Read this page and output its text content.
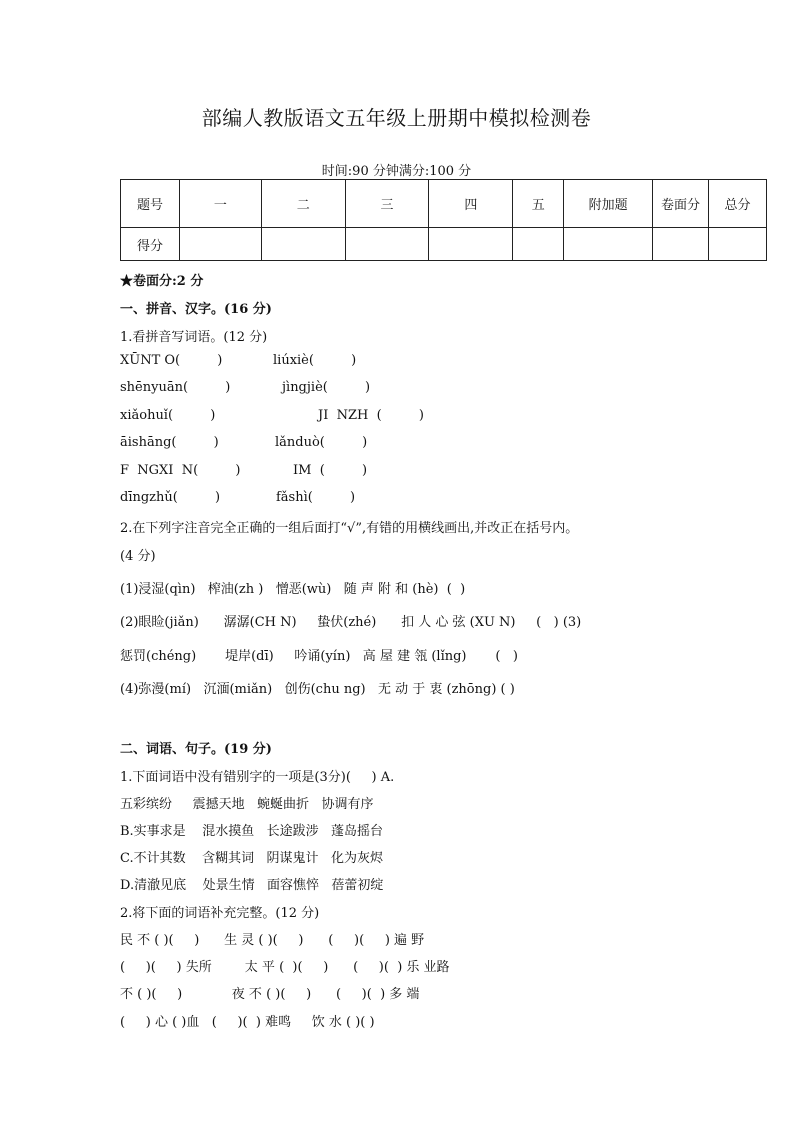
部编人教版语文五年级上册期中模拟检测卷
时间:90 分钟满分:100 分
题号	一	二	三	四	五	附加题	卷面分	总分
得分								
★卷面分:2 分
一、拼音、汉字。(16 分)
1.看拼音写词语。(12 分)
XŪNT O(         )	liúxiè(         )
shēnyuān(         )	jìngjiè(         )
xiǎohuǐ(         )	JI  NZH  (         )
āishāng(         )	lǎnduò(         )
F  NGXI  N(         )	IM  (         )
dīngzhǔ(         )	fǎshì(         )
2.在下列字注音完全正确的一组后面打“√”,有错的用横线画出,并改正在括号内。
(4 分)
(1)浸湿(qìn)   榨油(zh )   憎恶(wù)   随 声 附 和 (hè)  (  )
(2)眼睑(jiǎn)      潺潺(CH N)     蛰伏(zhé)      扣 人 心 弦 (XU N)     (   ) (3)
惩罚(chéng)       堤岸(dī)     吟诵(yín)   高 屋 建 瓴 (lǐng)       (   )
(4)弥漫(mí)   沉湎(miǎn)   创伤(chu ng)   无 动 于 衷 (zhōng) ( )
二、词语、句子。(19 分)
1.下面词语中没有错别字的一项是(3分)(     ) A.
五彩缤纷     震撼天地   蜿蜒曲折   协调有序
B.实事求是    混水摸鱼   长途跋涉   蓬岛摇台
C.不计其数    含糊其词   阴谋鬼计   化为灰烬
D.清澈见底    处景生情   面容憔悴   蓓蕾初绽
2.将下面的词语补充完整。(12 分)
民 不 ( )(     )      生 灵 ( )(     )      (     )(     ) 遍 野
(     )(     ) 失所        太 平 (  )(     )      (     )(  ) 乐 业路
不 ( )(     )            夜 不 ( )(     )      (     )(  ) 多 端
(     ) 心 ( )血   (     )(  ) 难鸣     饮 水 ( )( )
